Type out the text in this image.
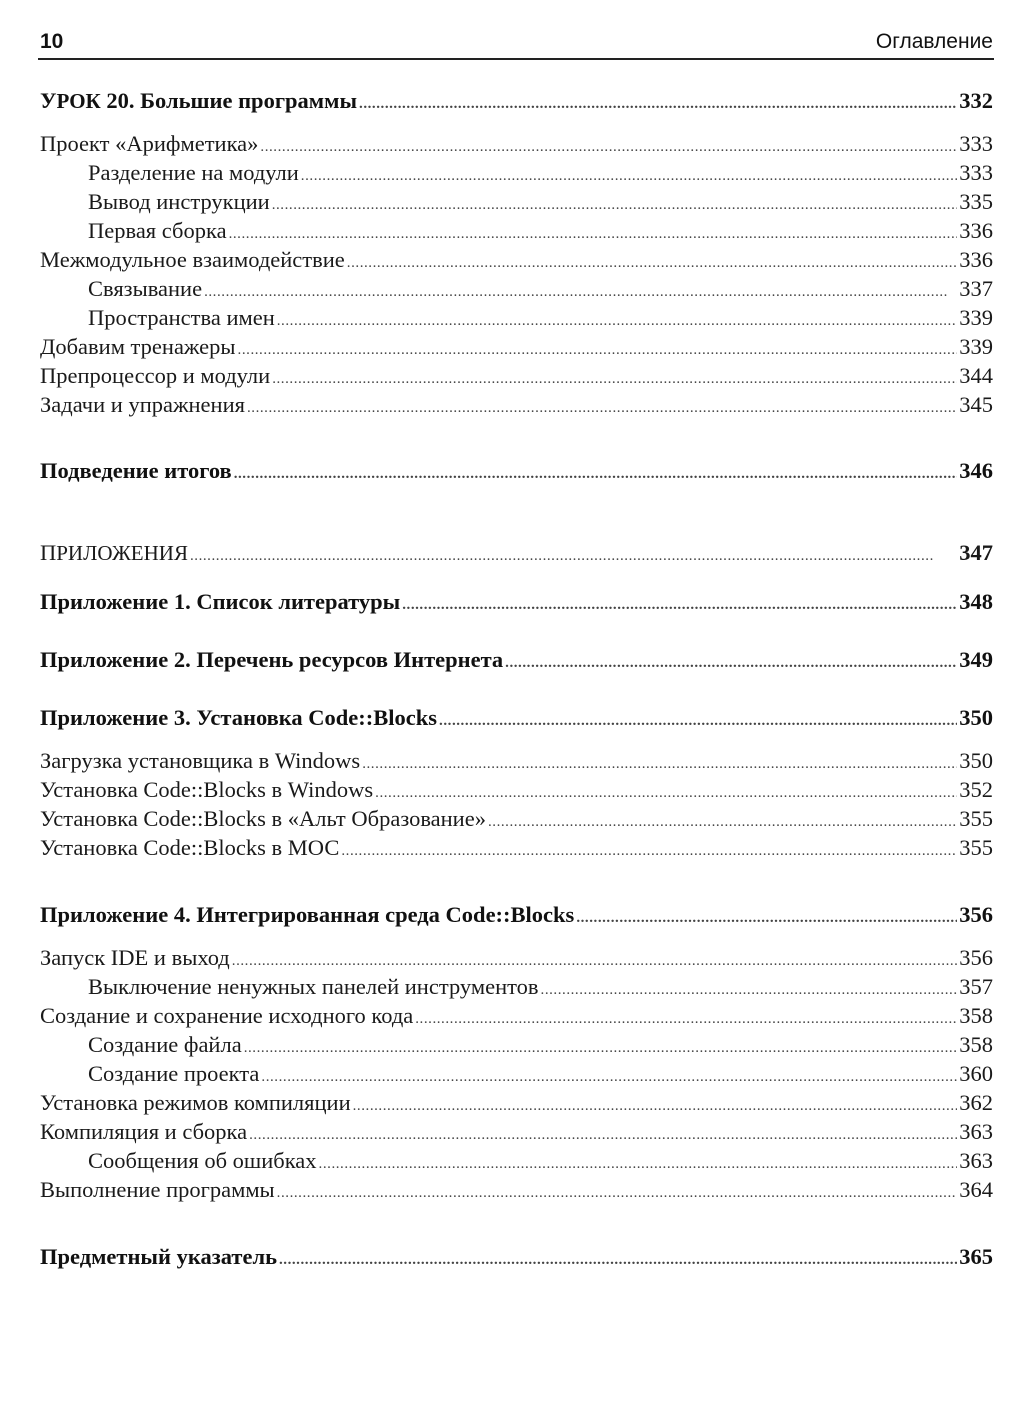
10	Оглавление
УРОК 20. Большие программы . . .	332
Проект «Арифметика» . . .	333
Разделение на модули . . .	333
Вывод инструкции . . .	335
Первая сборка . . .	336
Межмодульное взаимодействие . . .	336
Связывание . . .	337
Пространства имен . . .	339
Добавим тренажеры . . .	339
Препроцессор и модули . . .	344
Задачи и упражнения . . .	345
Подведение итогов . . .	346
ПРИЛОЖЕНИЯ . . .	347
Приложение 1. Список литературы . . .	348
Приложение 2. Перечень ресурсов Интернета . . .	349
Приложение 3. Установка Code::Blocks . . .	350
Загрузка установщика в Windows . . .	350
Установка Code::Blocks в Windows . . .	352
Установка Code::Blocks в «Альт Образование» . . .	355
Установка Code::Blocks в МОС . . .	355
Приложение 4. Интегрированная среда Code::Blocks . . .	356
Запуск IDE и выход . . .	356
Выключение ненужных панелей инструментов . . .	357
Создание и сохранение исходного кода . . .	358
Создание файла . . .	358
Создание проекта . . .	360
Установка режимов компиляции . . .	362
Компиляция и сборка . . .	363
Сообщения об ошибках . . .	363
Выполнение программы . . .	364
Предметный указатель . . .	365
